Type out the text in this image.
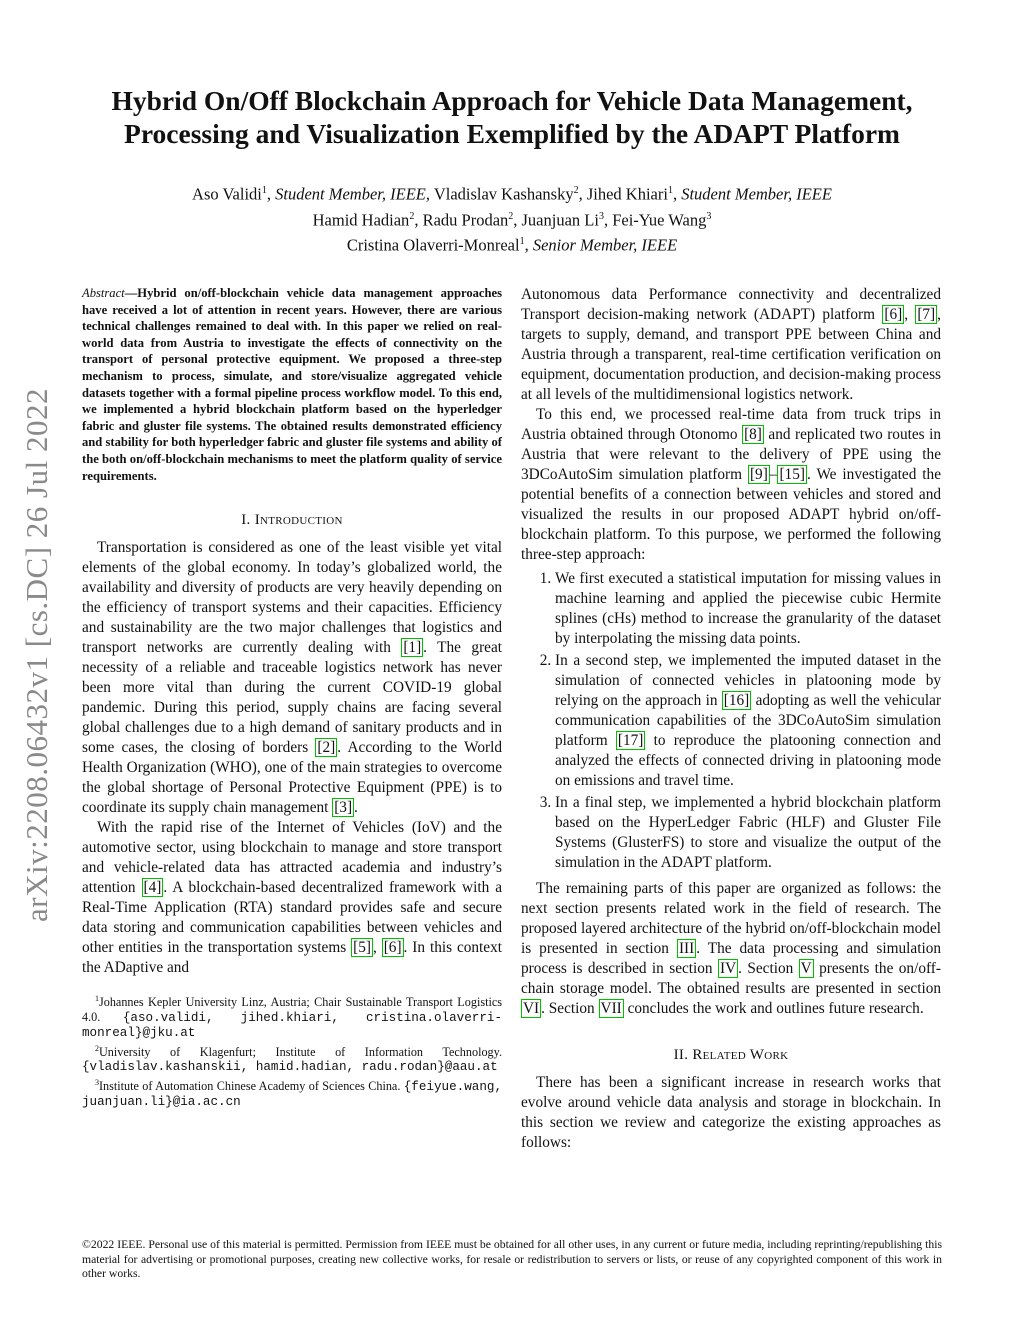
arXiv:2208.06432v1 [cs.DC] 26 Jul 2022
Hybrid On/Off Blockchain Approach for Vehicle Data Management,
Processing and Visualization Exemplified by the ADAPT Platform
Aso Validi$^1$, Student Member, IEEE, Vladislav Kashansky$^2$, Jihed Khiari$^1$, Student Member, IEEE
Hamid Hadian$^2$, Radu Prodan$^2$, Juanjuan Li$^3$, Fei-Yue Wang$^3$
Cristina Olaverri-Monreal$^1$, Senior Member, IEEE
Abstract—Hybrid on/off-blockchain vehicle data management approaches have received a lot of attention in recent years. However, there are various technical challenges remained to deal with. In this paper we relied on real-world data from Austria to investigate the effects of connectivity on the transport of personal protective equipment. We proposed a three-step mechanism to process, simulate, and store/visualize aggregated vehicle datasets together with a formal pipeline process workflow model. To this end, we implemented a hybrid blockchain platform based on the hyperledger fabric and gluster file systems. The obtained results demonstrated efficiency and stability for both hyperledger fabric and gluster file systems and ability of the both on/off-blockchain mechanisms to meet the platform quality of service requirements.
I. Introduction

Transportation is considered as one of the least visible yet vital elements of the global economy. In today’s globalized world, the availability and diversity of products are very heavily depending on the efficiency of transport systems and their capacities. Efficiency and sustainability are the two major challenges that logistics and transport networks are currently dealing with [1] . The great necessity of a reliable and traceable logistics network has never been more vital than during the current COVID-19 global pandemic. During this period, supply chains are facing several global challenges due to a high demand of sanitary products and in some cases, the closing of borders [2] . According to the World Health Organization (WHO), one of the main strategies to overcome the global shortage of Personal Protective Equipment (PPE) is to coordinate its supply chain management [3] .

With the rapid rise of the Internet of Vehicles (IoV) and the automotive sector, using blockchain to manage and store transport and vehicle-related data has attracted academia and industry’s attention [4] . A blockchain-based decentralized framework with a Real-Time Application (RTA) standard provides safe and secure data storing and communication capabilities between vehicles and other entities in the transportation systems [5] , [6] . In this context the ADaptive and

$^1$Johannes Kepler University Linz, Austria; Chair Sustainable Transport Logistics 4.0. {aso.validi, jihed.khiari, cristina.olaverri-monreal}@jku.at
$^2$University of Klagenfurt; Institute of Information Technology.{vladislav.kashanskii, hamid.hadian, radu.rodan}@aau.at
$^3$Institute of Automation Chinese Academy of Sciences China. {feiyue.wang, juanjuan.li}@ia.ac.cn

Autonomous data Performance connectivity and decentralized Transport decision-making network (ADAPT) platform [6] , [7] , targets to supply, demand, and transport PPE between China and Austria through a transparent, real-time certification verification on equipment, documentation production, and decision-making process at all levels of the multidimensional logistics network.

To this end, we processed real-time data from truck trips in Austria obtained through Otonomo [8] and replicated two routes in Austria that were relevant to the delivery of PPE using the 3DCoAutoSim simulation platform [9] – [15] . We investigated the potential benefits of a connection between vehicles and stored and visualized the results in our proposed ADAPT hybrid on/off-blockchain platform. To this purpose, we performed the following three-step approach:

1. We first executed a statistical imputation for missing values in machine learning and applied the piecewise cubic Hermite splines (cHs) method to increase the granularity of the dataset by interpolating the missing data points.
2. In a second step, we implemented the imputed dataset in the simulation of connected vehicles in platooning mode by relying on the approach in [16] adopting as well the vehicular communication capabilities of the 3DCoAutoSim simulation platform [17] to reproduce the platooning connection and analyzed the effects of connected driving in platooning mode on emissions and travel time.
3. In a final step, we implemented a hybrid blockchain platform based on the HyperLedger Fabric (HLF) and Gluster File Systems (GlusterFS) to store and visualize the output of the simulation in the ADAPT platform.

The remaining parts of this paper are organized as follows: the next section presents related work in the field of research. The proposed layered architecture of the hybrid on/off-blockchain model is presented in section III . The data processing and simulation process is described in section IV . Section V presents the on/off-chain storage model. The obtained results are presented in section VI . Section VII concludes the work and outlines future research.

II. Related Work

There has been a significant increase in research works that evolve around vehicle data analysis and storage in blockchain. In this section we review and categorize the existing approaches as follows:

©2022 IEEE. Personal use of this material is permitted. Permission from IEEE must be obtained for all other uses, in any current or future media, including reprinting/republishing this material for advertising or promotional purposes, creating new collective works, for resale or redistribution to servers or lists, or reuse of any copyrighted component of this work in other works.
